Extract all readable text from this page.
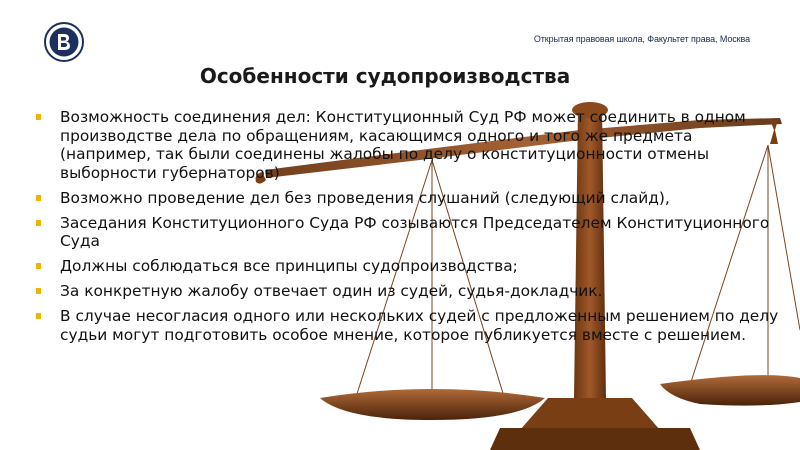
Открытая правовая школа, Факультет права, Москва
Особенности судопроизводства
Возможность соединения дел: Конституционный Суд РФ может соединить в одном производстве дела по обращениям, касающимся одного и того же предмета (например, так были соединены жалобы по делу о конституционности отмены выборности губернаторов)
Возможно проведение дел без проведения слушаний (следующий слайд),
Заседания Конституционного Суда РФ созываются Председателем Конституционного Суда
Должны соблюдаться все принципы судопроизводства;
За конкретную жалобу отвечает один из судей, судья-докладчик.
В случае несогласия одного или нескольких судей с предложенным решением по делу судьи могут подготовить особое мнение, которое публикуется вместе с решением.
